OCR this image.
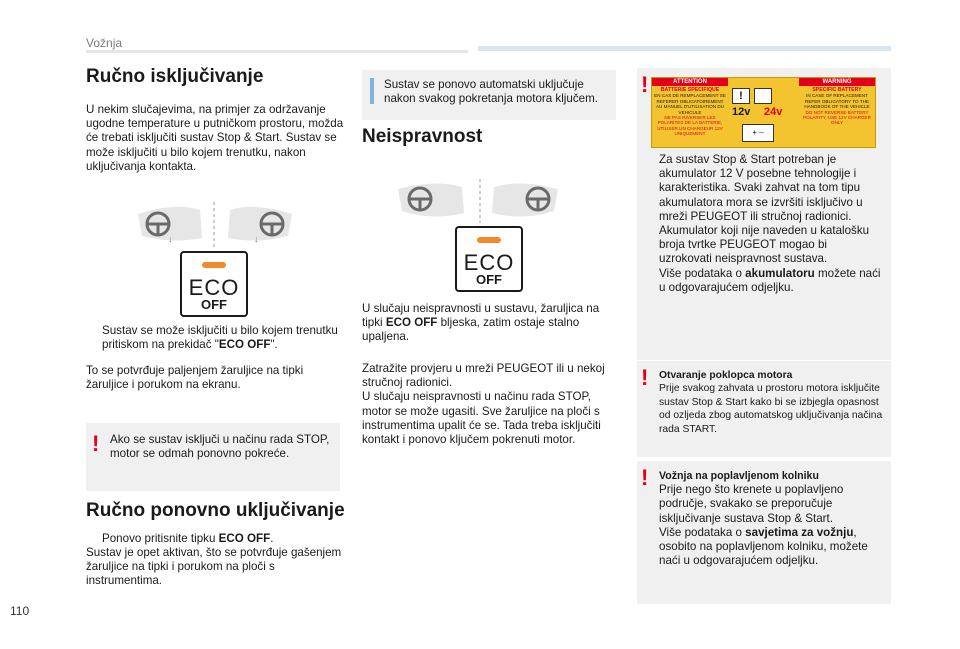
Vožnja
Ručno isključivanje

U nekim slučajevima, na primjer za održavanje ugodne temperature u putničkom prostoru, možda će trebati isključiti sustav Stop & Start. Sustav se može isključiti u bilo kojem trenutku, nakon uključivanja kontakta.

↓	↓
ECO
OFF
Sustav se može isključiti u bilo kojem trenutku pritiskom na prekidač "ECO OFF".

To se potvrđuje paljenjem žaruljice na tipki žaruljice i porukom na ekranu.

! Ako se sustav isključi u načinu rada STOP, motor se odmah ponovno pokreće.

Ručno ponovno uključivanje
Ponovo pritisnite tipku ECO OFF.

Sustav je opet aktivan, što se potvrđuje gašenjem žaruljice na tipki i porukom na ploči s instrumentima.

Sustav se ponovo automatski uključuje nakon svakog pokretanja motora ključem.

Neispravnost
ECO
OFF

U slučaju neispravnosti u sustavu, žaruljica na tipki ECO OFF bljeska, zatim ostaje stalno upaljena.

Zatražite provjeru u mreži PEUGEOT ili u nekoj stručnoj radionici.
U slučaju neispravnosti u načinu rada STOP, motor se može ugasiti. Sve žaruljice na ploči s instrumentima upalit će se. Tada treba isključiti kontakt i ponovo ključem pokrenuti motor.

!

Za sustav Stop & Start potreban je akumulator 12 V posebne tehnologije i karakteristika. Svaki zahvat na tom tipu akumulatora mora se izvršiti isključivo u mreži PEUGEOT ili stručnoj radionici.
Akumulator koji nije naveden u katalošku broja tvrtke PEUGEOT mogao bi uzrokovati neispravnost sustava.
Više podataka o akumulatoru možete naći u odgovarajućem odjeljku.

ATTENTION	WARNING
BATTERIE SPECIFIQUE
EN CAS DE REMPLACEMENT SE REFERER OBLIGATOIREMENT AU MANUEL D'UTILISATION DU VEHICULE
NE PAS INVERSER LES POLARITES DE LA BATTERIE, UTILISER UN CHARGEUR 12V UNIQUEMENT
!
12v 24v
+ –
SPECIFIC BATTERY
IN CASE OF REPLACEMENT REFER OBLIGATORY TO THE HANDBOOK OF THE VEHICLE
DO NOT REVERSE BATTERY POLARITY, USE 12V CHARGER ONLY
! Otvaranje poklopca motora
Prije svakog zahvata u prostoru motora isključite sustav Stop & Start kako bi se izbjegla opasnost od ozljeda zbog automatskog uključivanja načina rada START.
! Vožnja na poplavljenom kolniku
Prije nego što krenete u poplavljeno područje, svakako se preporučuje isključivanje sustava Stop & Start.
Više podataka o savjetima za vožnju, osobito na poplavljenom kolniku, možete naći u odgovarajućem odjeljku.
110
